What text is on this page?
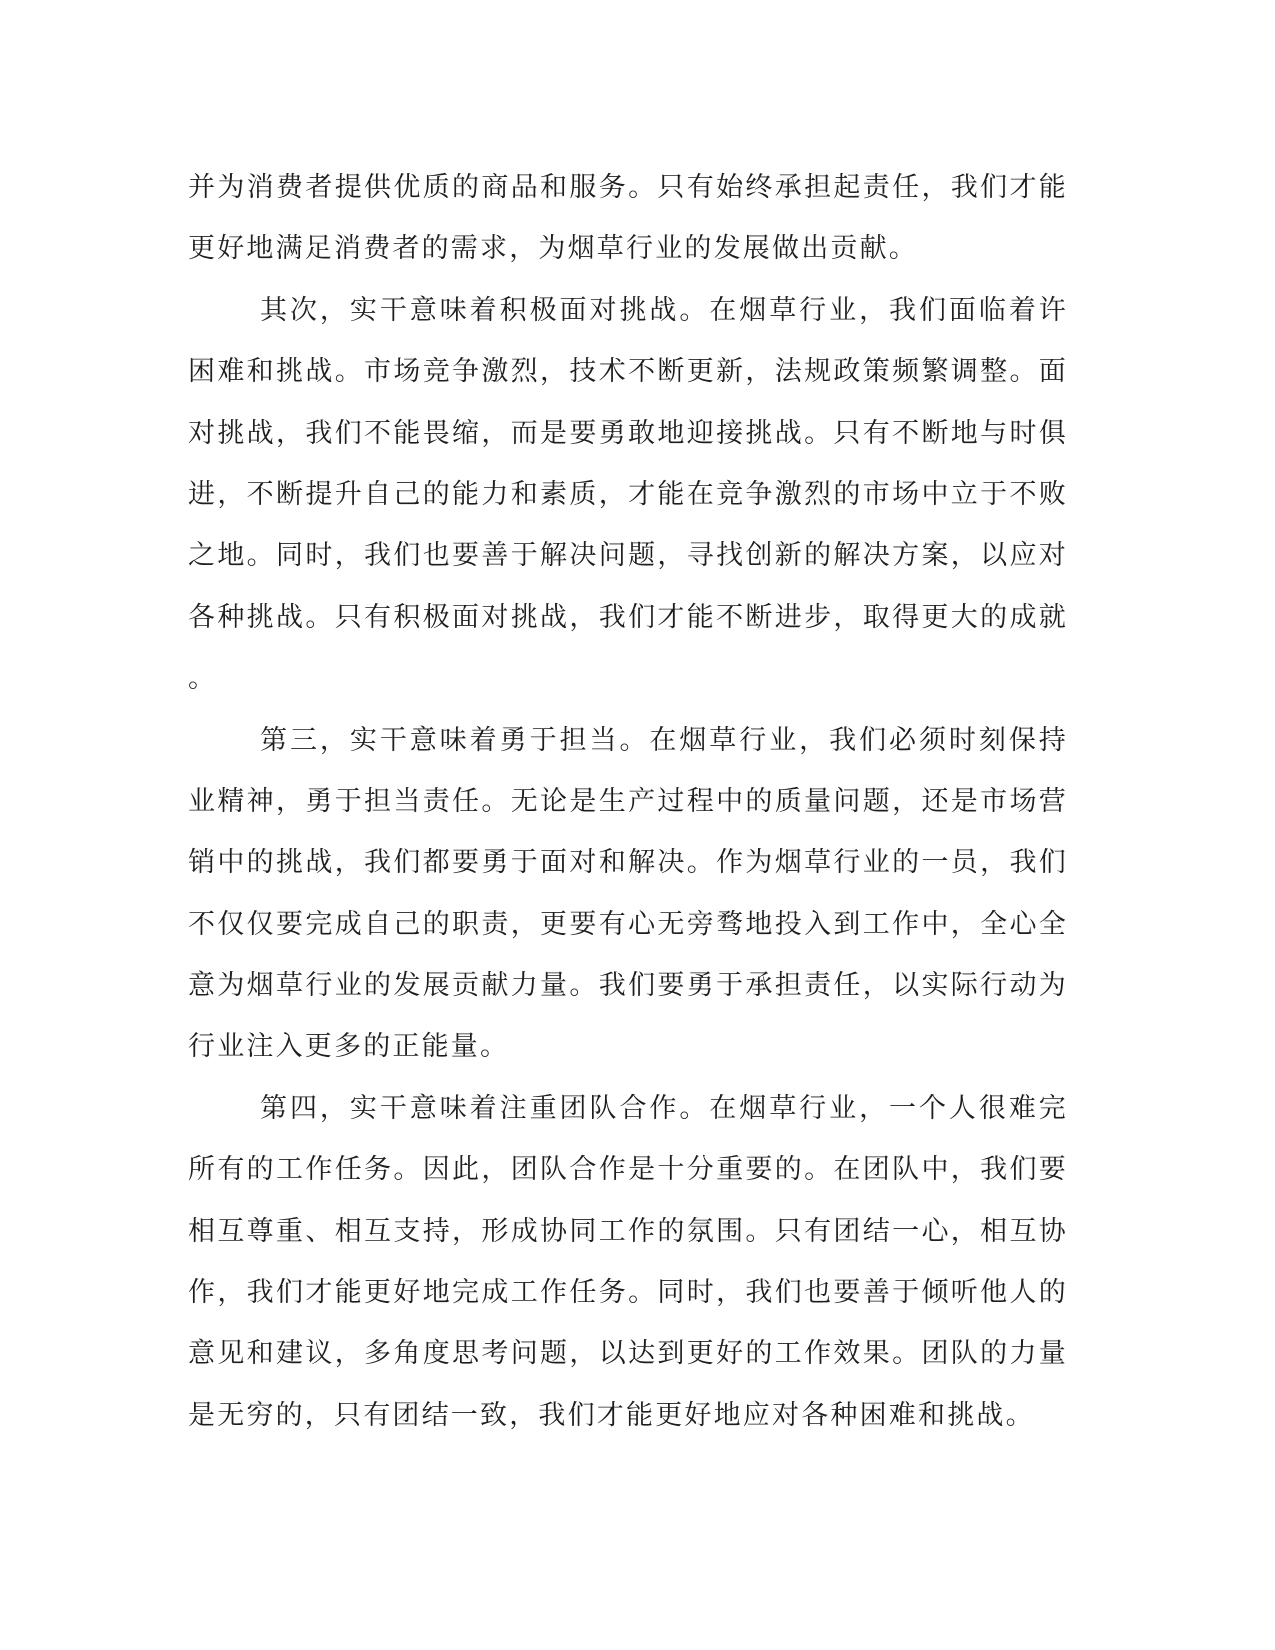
并为消费者提供优质的商品和服务。只有始终承担起责任，我们才能
更好地满足消费者的需求，为烟草行业的发展做出贡献。
其次，实干意味着积极面对挑战。在烟草行业，我们面临着许
困难和挑战。市场竞争激烈，技术不断更新，法规政策频繁调整。面
对挑战，我们不能畏缩，而是要勇敢地迎接挑战。只有不断地与时俱
进，不断提升自己的能力和素质，才能在竞争激烈的市场中立于不败
之地。同时，我们也要善于解决问题，寻找创新的解决方案，以应对
各种挑战。只有积极面对挑战，我们才能不断进步，取得更大的成就
。
第三，实干意味着勇于担当。在烟草行业，我们必须时刻保持
业精神，勇于担当责任。无论是生产过程中的质量问题，还是市场营
销中的挑战，我们都要勇于面对和解决。作为烟草行业的一员，我们
不仅仅要完成自己的职责，更要有心无旁骛地投入到工作中，全心全
意为烟草行业的发展贡献力量。我们要勇于承担责任，以实际行动为
行业注入更多的正能量。
第四，实干意味着注重团队合作。在烟草行业，一个人很难完
所有的工作任务。因此，团队合作是十分重要的。在团队中，我们要
相互尊重、相互支持，形成协同工作的氛围。只有团结一心，相互协
作，我们才能更好地完成工作任务。同时，我们也要善于倾听他人的
意见和建议，多角度思考问题，以达到更好的工作效果。团队的力量
是无穷的，只有团结一致，我们才能更好地应对各种困难和挑战。
